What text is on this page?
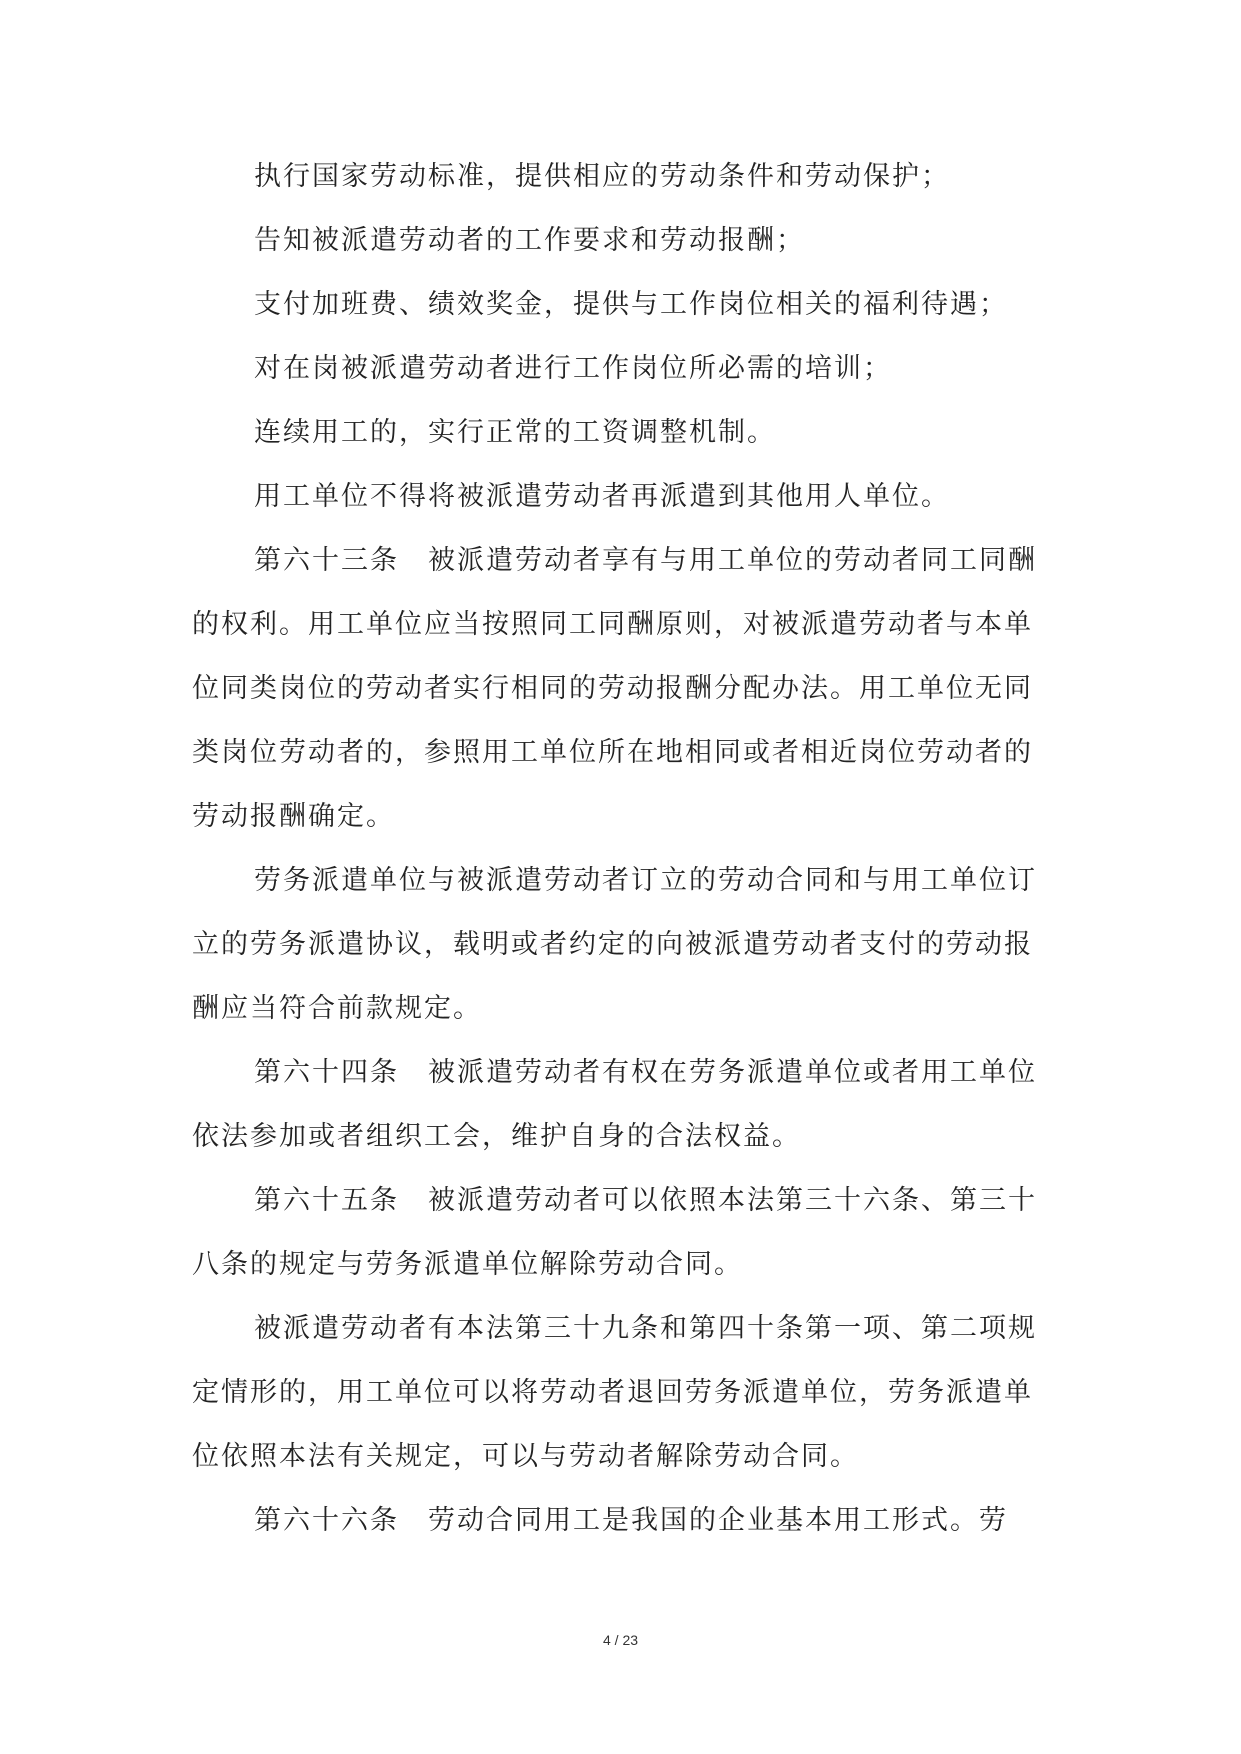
执行国家劳动标准，提供相应的劳动条件和劳动保护；

告知被派遣劳动者的工作要求和劳动报酬；

支付加班费、绩效奖金，提供与工作岗位相关的福利待遇；

对在岗被派遣劳动者进行工作岗位所必需的培训；

连续用工的，实行正常的工资调整机制。

用工单位不得将被派遣劳动者再派遣到其他用人单位。

第六十三条　被派遣劳动者享有与用工单位的劳动者同工同酬的权利。用工单位应当按照同工同酬原则，对被派遣劳动者与本单位同类岗位的劳动者实行相同的劳动报酬分配办法。用工单位无同类岗位劳动者的，参照用工单位所在地相同或者相近岗位劳动者的劳动报酬确定。

劳务派遣单位与被派遣劳动者订立的劳动合同和与用工单位订立的劳务派遣协议，载明或者约定的向被派遣劳动者支付的劳动报酬应当符合前款规定。

第六十四条　被派遣劳动者有权在劳务派遣单位或者用工单位依法参加或者组织工会，维护自身的合法权益。

第六十五条　被派遣劳动者可以依照本法第三十六条、第三十八条的规定与劳务派遣单位解除劳动合同。

被派遣劳动者有本法第三十九条和第四十条第一项、第二项规定情形的，用工单位可以将劳动者退回劳务派遣单位，劳务派遣单位依照本法有关规定，可以与劳动者解除劳动合同。

第六十六条　劳动合同用工是我国的企业基本用工形式。劳

4 / 23
